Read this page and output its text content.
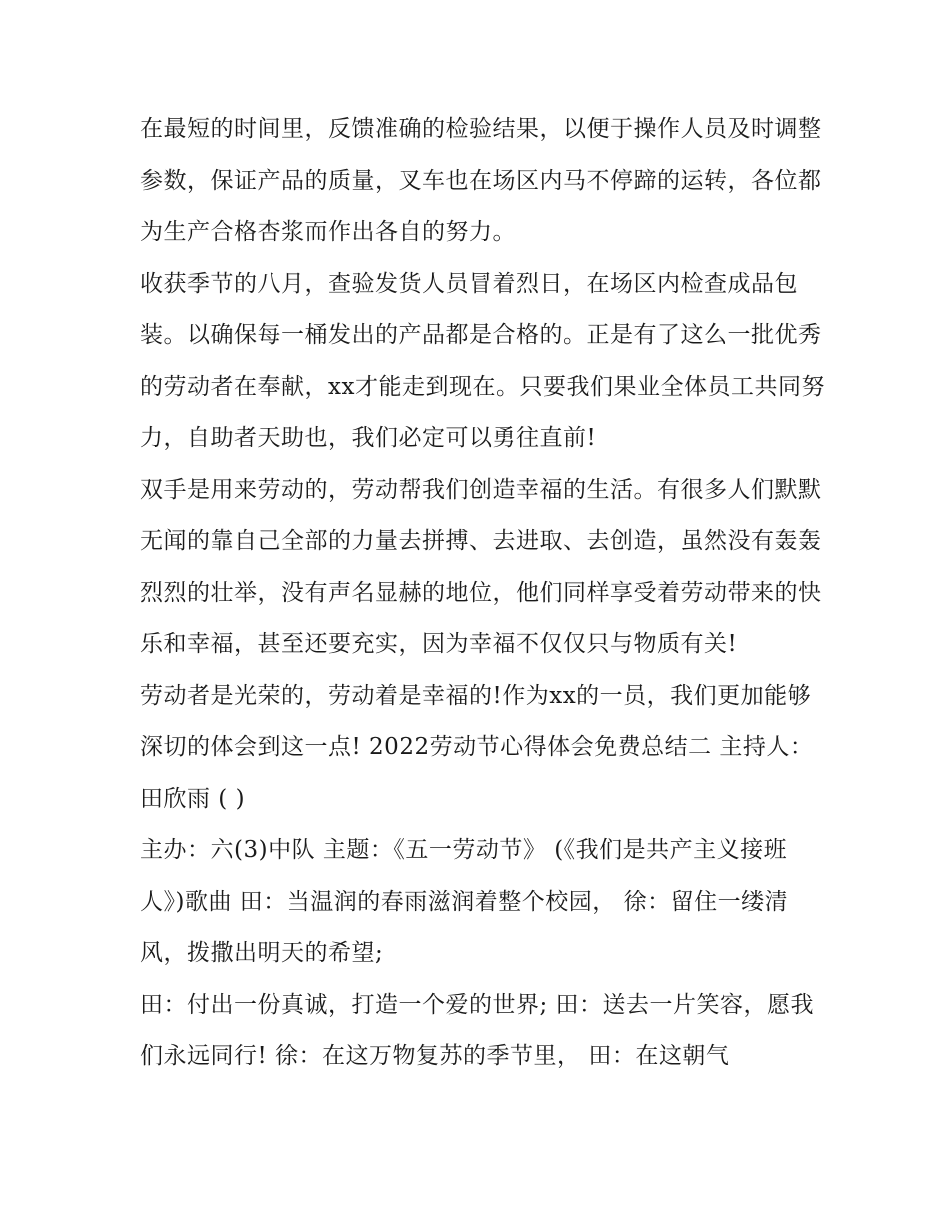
在最短的时间里，反馈准确的检验结果，以便于操作人员及时调整参数，保证产品的质量，叉车也在场区内马不停蹄的运转，各位都为生产合格杏浆而作出各自的努力。

收获季节的八月，查验发货人员冒着烈日，在场区内检查成品包装。以确保每一桶发出的产品都是合格的。正是有了这么一批优秀的劳动者在奉献，xx才能走到现在。只要我们果业全体员工共同努力，自助者天助也，我们必定可以勇往直前!

双手是用来劳动的，劳动帮我们创造幸福的生活。有很多人们默默无闻的靠自己全部的力量去拼搏、去进取、去创造，虽然没有轰轰烈烈的壮举，没有声名显赫的地位，他们同样享受着劳动带来的快乐和幸福，甚至还要充实，因为幸福不仅仅只与物质有关!

劳动者是光荣的，劳动着是幸福的!作为xx的一员，我们更加能够深切的体会到这一点! 2022劳动节心得体会免费总结二 主持人：田欣雨 ( )

主办：六(3)中队 主题：《五一劳动节》 (《我们是共产主义接班人》)歌曲 田：当温润的春雨滋润着整个校园， 徐：留住一缕清风，拨撒出明天的希望;

田：付出一份真诚，打造一个爱的世界; 田：送去一片笑容，愿我们永远同行! 徐：在这万物复苏的季节里， 田：在这朝气
